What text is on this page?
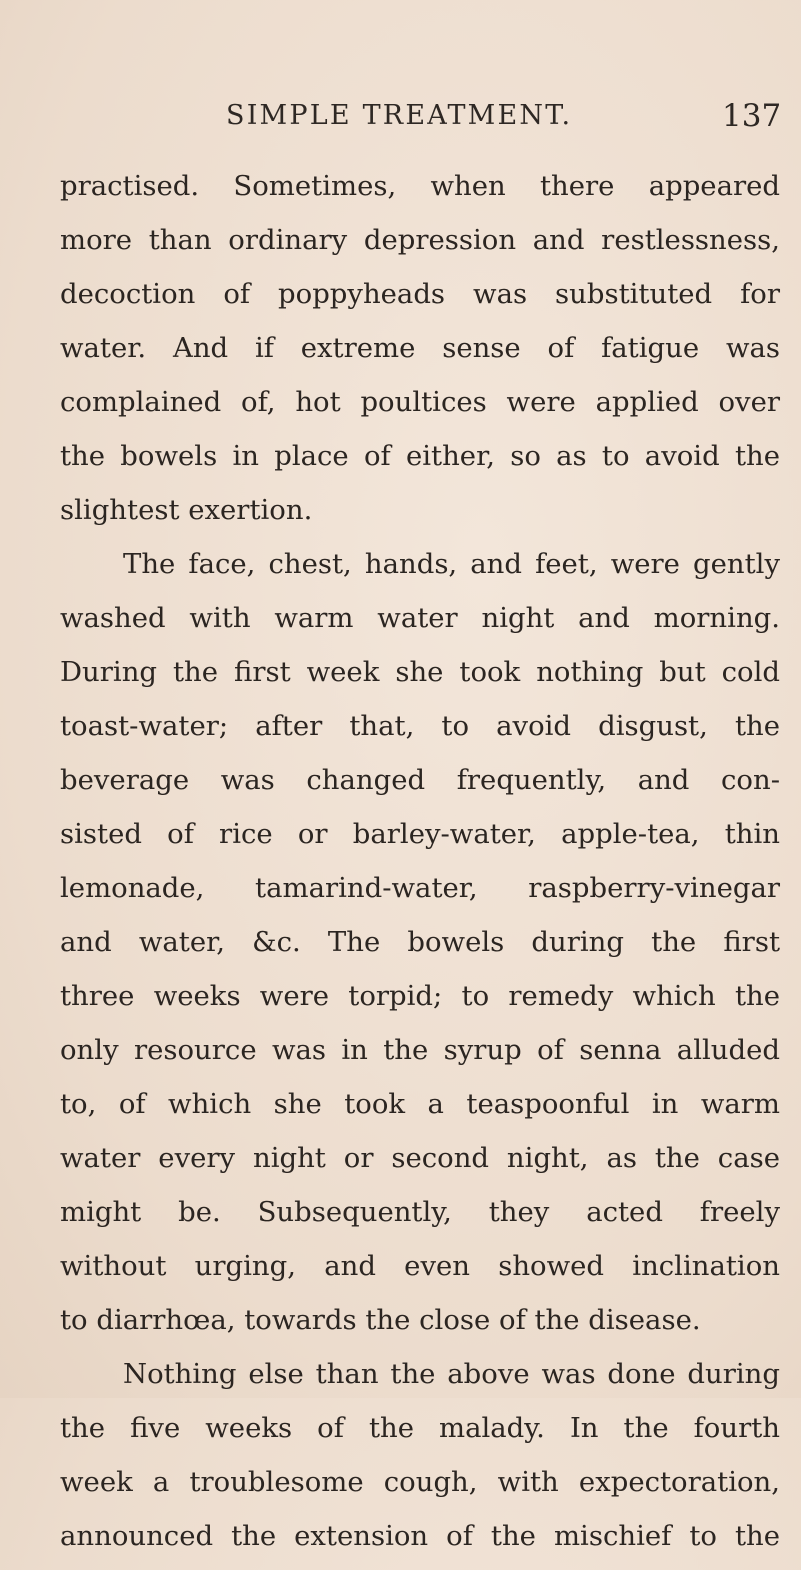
SIMPLE TREATMENT.	137
practised. Sometimes, when there appeared
more than ordinary depression and restlessness,
decoction of poppyheads was substituted for
water. And if extreme sense of fatigue was
complained of, hot poultices were applied over
the bowels in place of either, so as to avoid the
slightest exertion.
The face, chest, hands, and feet, were gently
washed with warm water night and morning.
During the first week she took nothing but cold
toast-water; after that, to avoid disgust, the
beverage was changed frequently, and con-
sisted of rice or barley-water, apple-tea, thin
lemonade, tamarind-water, raspberry-vinegar
and water, &c. The bowels during the first
three weeks were torpid; to remedy which the
only resource was in the syrup of senna alluded
to, of which she took a teaspoonful in warm
water every night or second night, as the case
might be. Subsequently, they acted freely
without urging, and even showed inclination
to diarrhœa, towards the close of the disease.
Nothing else than the above was done during
the five weeks of the malady. In the fourth
week a troublesome cough, with expectoration,
announced the extension of the mischief to the
